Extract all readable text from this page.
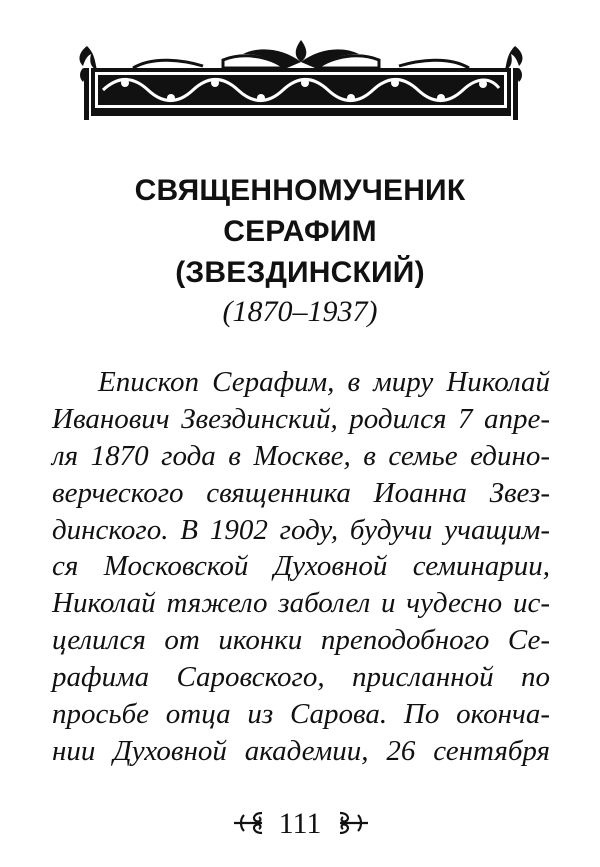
СВЯЩЕННОМУЧЕНИК
СЕРАФИМ
(ЗВЕЗДИНСКИЙ)
(1870–1937)
Епископ Серафим, в миру Николай
Иванович Звездинский, родился 7 апре-
ля 1870 года в Москве, в семье едино-
верческого священника Иоанна Звез-
динского. В 1902 году, будучи учащим-
ся Московской Духовной семинарии,
Николай тяжело заболел и чудесно ис-
целился от иконки преподобного Се-
рафима Саровского, присланной по
просьбе отца из Сарова. По оконча-
нии Духовной академии, 26 сентября
111
